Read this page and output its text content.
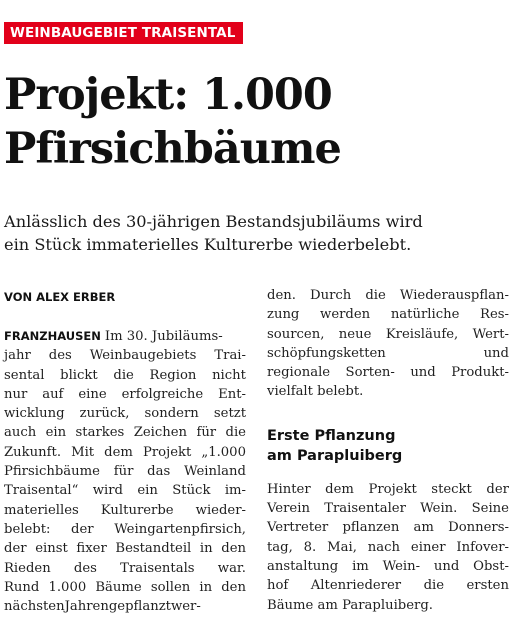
WEINBAUGEBIET TRAISENTAL
Projekt: 1.000
Pfirsichbäume
Anlässlich des 30-jährigen Bestandsjubiläums wird
ein Stück immaterielles Kulturerbe wiederbelebt.
VON ALEX ERBER
FRANZHAUSEN Im 30. Jubiläums-
jahr des Weinbaugebiets Trai-
sental blickt die Region nicht
nur auf eine erfolgreiche Ent-
wicklung zurück, sondern setzt
auch ein starkes Zeichen für die
Zukunft. Mit dem Projekt „1.000
Pfirsichbäume für das Weinland
Traisental“ wird ein Stück im-
materielles Kulturerbe wieder-
belebt: der Weingartenpfirsich,
der einst fixer Bestandteil in den
Rieden des Traisentals war.
Rund 1.000 Bäume sollen in den
nächsten Jahren gepflanzt wer-
den. Durch die Wiederauspflan-
zung werden natürliche Res-
sourcen, neue Kreisläufe, Wert-
schöpfungsketten	und
regionale Sorten- und Produkt-
vielfalt belebt.
Erste Pflanzung
am Parapluiberg
Hinter dem Projekt steckt der
Verein Traisentaler Wein. Seine
Vertreter pflanzen am Donners-
tag, 8. Mai, nach einer Infover-
anstaltung im Wein- und Obst-
hof Altenriederer die ersten
Bäume am Parapluiberg.
